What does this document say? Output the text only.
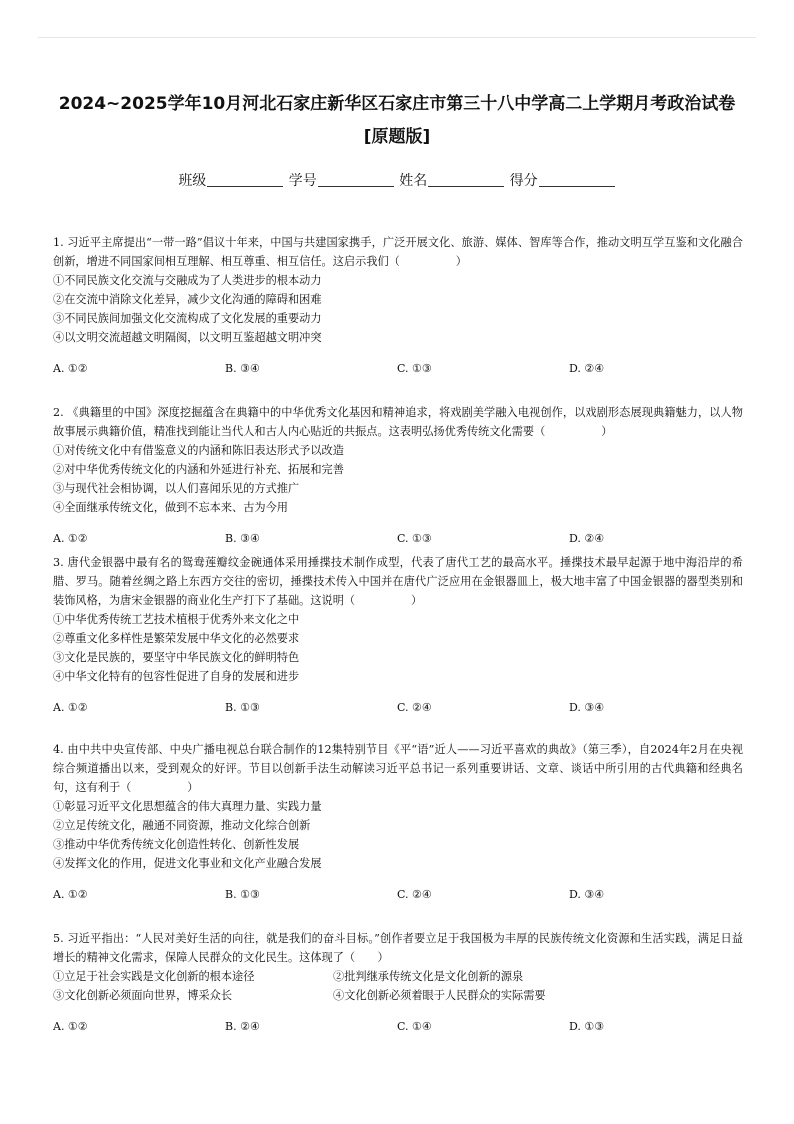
2024~2025学年10月河北石家庄新华区石家庄市第三十八中学高二上学期月考政治试卷[原题版]
班级	学号	姓名	得分
1. 习近平主席提出“一带一路”倡议十年来，中国与共建国家携手，广泛开展文化、旅游、媒体、智库等合作，推动文明互学互鉴和文化融合创新，增进不同国家间相互理解、相互尊重、相互信任。这启示我们（　　　　　）
①不同民族文化交流与交融成为了人类进步的根本动力
②在交流中消除文化差异，减少文化沟通的障碍和困难
③不同民族间加强文化交流构成了文化发展的重要动力
④以文明交流超越文明隔阂，以文明互鉴超越文明冲突
A. ①②	B. ③④	C. ①③	D. ②④
2. 《典籍里的中国》深度挖掘蕴含在典籍中的中华优秀文化基因和精神追求，将戏剧美学融入电视创作，以戏剧形态展现典籍魅力，以人物故事展示典籍价值，精准找到能让当代人和古人内心贴近的共振点。这表明弘扬优秀传统文化需要（　　　　　）
①对传统文化中有借鉴意义的内涵和陈旧表达形式予以改造
②对中华优秀传统文化的内涵和外延进行补充、拓展和完善
③与现代社会相协调，以人们喜闻乐见的方式推广
④全面继承传统文化，做到不忘本来、古为今用
A. ①②	B. ③④	C. ①③	D. ②④
3. 唐代金银器中最有名的鸳鸯莲瓣纹金碗通体采用捶揲技术制作成型，代表了唐代工艺的最高水平。捶揲技术最早起源于地中海沿岸的希腊、罗马。随着丝绸之路上东西方交往的密切，捶揲技术传入中国并在唐代广泛应用在金银器皿上，极大地丰富了中国金银器的器型类别和装饰风格，为唐宋金银器的商业化生产打下了基础。这说明（　　　　　）
①中华优秀传统工艺技术植根于优秀外来文化之中
②尊重文化多样性是繁荣发展中华文化的必然要求
③文化是民族的，要坚守中华民族文化的鲜明特色
④中华文化特有的包容性促进了自身的发展和进步
A. ①②	B. ①③	C. ②④	D. ③④
4. 由中共中央宣传部、中央广播电视总台联合制作的12集特别节目《平“语”近人——习近平喜欢的典故》（第三季），自2024年2月在央视综合频道播出以来，受到观众的好评。节目以创新手法生动解读习近平总书记一系列重要讲话、文章、谈话中所引用的古代典籍和经典名句，这有利于（　　　　　）
①彰显习近平文化思想蕴含的伟大真理力量、实践力量
②立足传统文化，融通不同资源，推动文化综合创新
③推动中华优秀传统文化创造性转化、创新性发展
④发挥文化的作用，促进文化事业和文化产业融合发展
A. ①②	B. ①③	C. ②④	D. ③④
5. 习近平指出：“人民对美好生活的向往，就是我们的奋斗目标。”创作者要立足于我国极为丰厚的民族传统文化资源和生活实践，满足日益增长的精神文化需求，保障人民群众的文化民生。这体现了（　　）
①立足于社会实践是文化创新的根本途径	②批判继承传统文化是文化创新的源泉
③文化创新必须面向世界，博采众长	④文化创新必须着眼于人民群众的实际需要
A. ①②	B. ②④	C. ①④	D. ①③
